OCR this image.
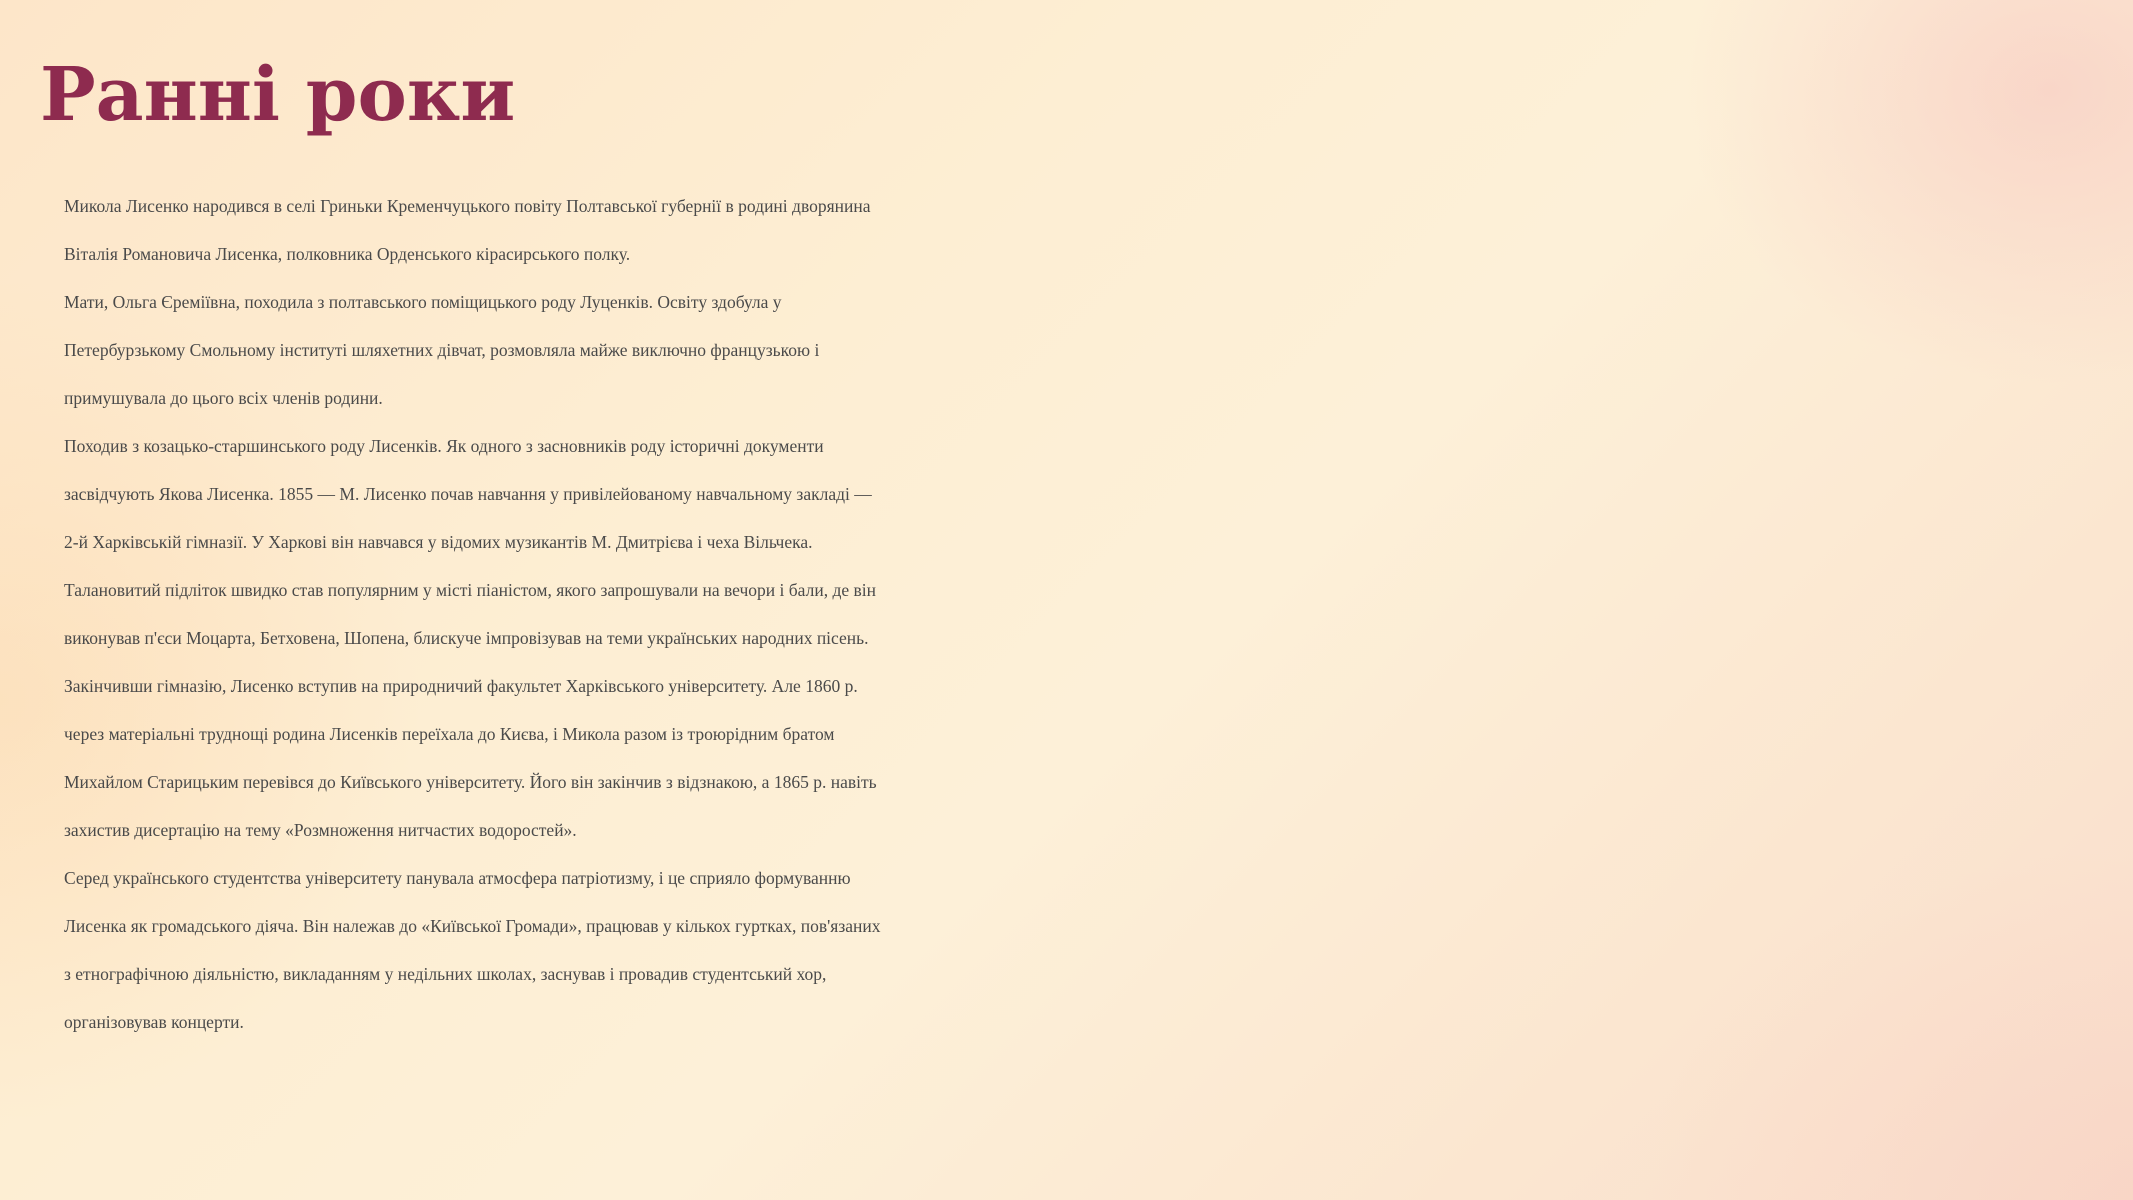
Ранні роки
Микола Лисенко народився в селі Гриньки Кременчуцького повіту Полтавської губернії в родині дворянина
Віталія Романовича Лисенка, полковника Орденського кірасирського полку.
Мати, Ольга Єреміївна, походила з полтавського поміщицького роду Луценків. Освіту здобула у
Петербурзькому Смольному інституті шляхетних дівчат, розмовляла майже виключно французькою і
примушувала до цього всіх членів родини.
Походив з козацько-старшинського роду Лисенків. Як одного з засновників роду історичні документи
засвідчують Якова Лисенка. 1855 — М. Лисенко почав навчання у привілейованому навчальному закладі —
2-й Харківській гімназії. У Харкові він навчався у відомих музикантів М. Дмитрієва і чеха Вільчека.
Талановитий підліток швидко став популярним у місті піаністом, якого запрошували на вечори і бали, де він
виконував п'єси Моцарта, Бетховена, Шопена, блискуче імпровізував на теми українських народних пісень.
Закінчивши гімназію, Лисенко вступив на природничий факультет Харківського університету. Але 1860 р.
через матеріальні труднощі родина Лисенків переїхала до Києва, і Микола разом із троюрідним братом
Михайлом Старицьким перевівся до Київського університету. Його він закінчив з відзнакою, а 1865 р. навіть
захистив дисертацію на тему «Розмноження нитчастих водоростей».
Серед українського студентства університету панувала атмосфера патріотизму, і це сприяло формуванню
Лисенка як громадського діяча. Він належав до «Київської Громади», працював у кількох гуртках, пов'язаних
з етнографічною діяльністю, викладанням у недільних школах, заснував і провадив студентський хор,
організовував концерти.
